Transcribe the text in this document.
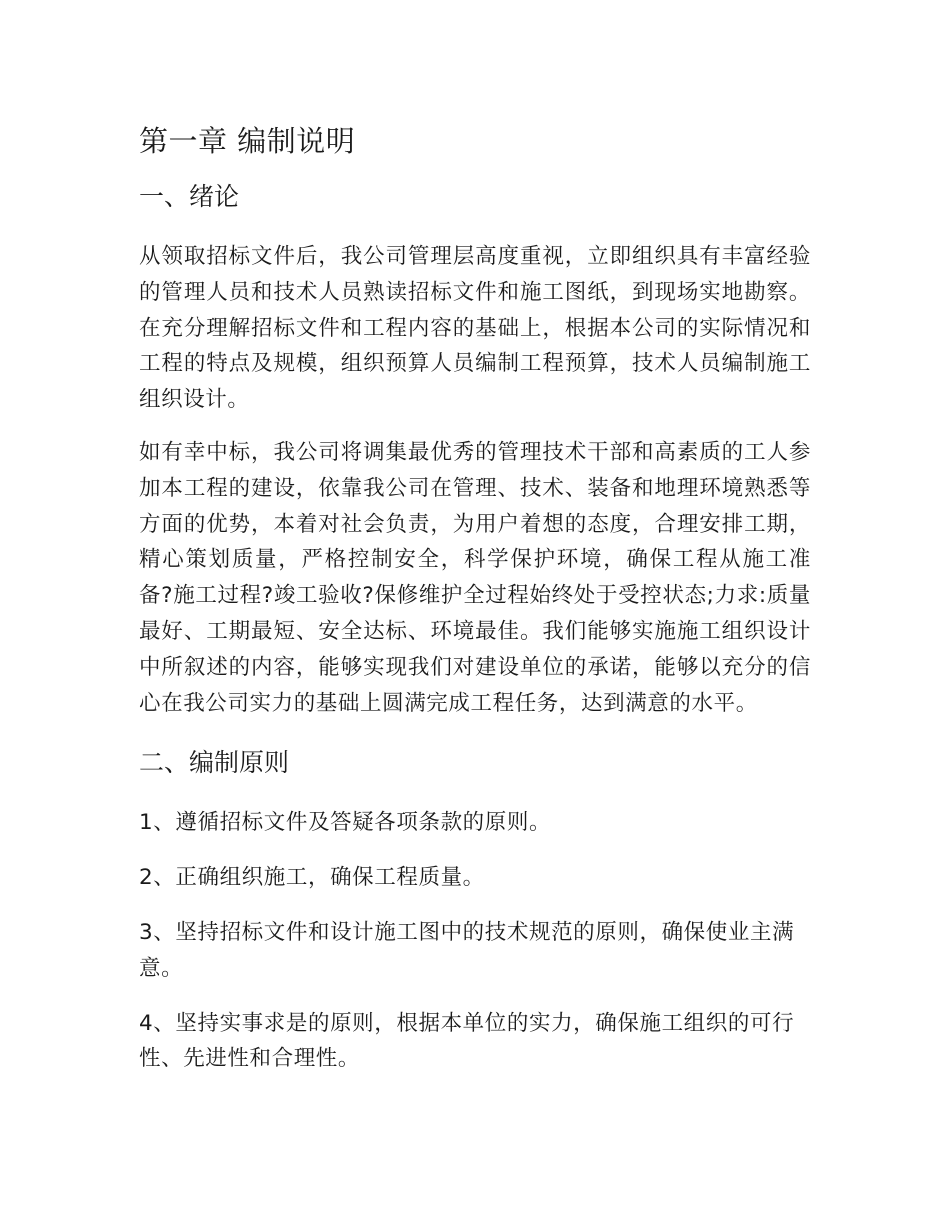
第一章 编制说明
一、绪论

从领取招标文件后，我公司管理层高度重视，立即组织具有丰富经验的管理人员和技术人员熟读招标文件和施工图纸，到现场实地勘察。在充分理解招标文件和工程内容的基础上，根据本公司的实际情况和工程的特点及规模，组织预算人员编制工程预算，技术人员编制施工组织设计。

如有幸中标，我公司将调集最优秀的管理技术干部和高素质的工人参加本工程的建设，依靠我公司在管理、技术、装备和地理环境熟悉等方面的优势，本着对社会负责，为用户着想的态度，合理安排工期，精心策划质量，严格控制安全，科学保护环境，确保工程从施工准备?施工过程?竣工验收?保修维护全过程始终处于受控状态;力求:质量最好、工期最短、安全达标、环境最佳。我们能够实施施工组织设计中所叙述的内容，能够实现我们对建设单位的承诺，能够以充分的信心在我公司实力的基础上圆满完成工程任务，达到满意的水平。

二、编制原则

1、遵循招标文件及答疑各项条款的原则。

2、正确组织施工，确保工程质量。

3、坚持招标文件和设计施工图中的技术规范的原则，确保使业主满意。

4、坚持实事求是的原则，根据本单位的实力，确保施工组织的可行性、先进性和合理性。
